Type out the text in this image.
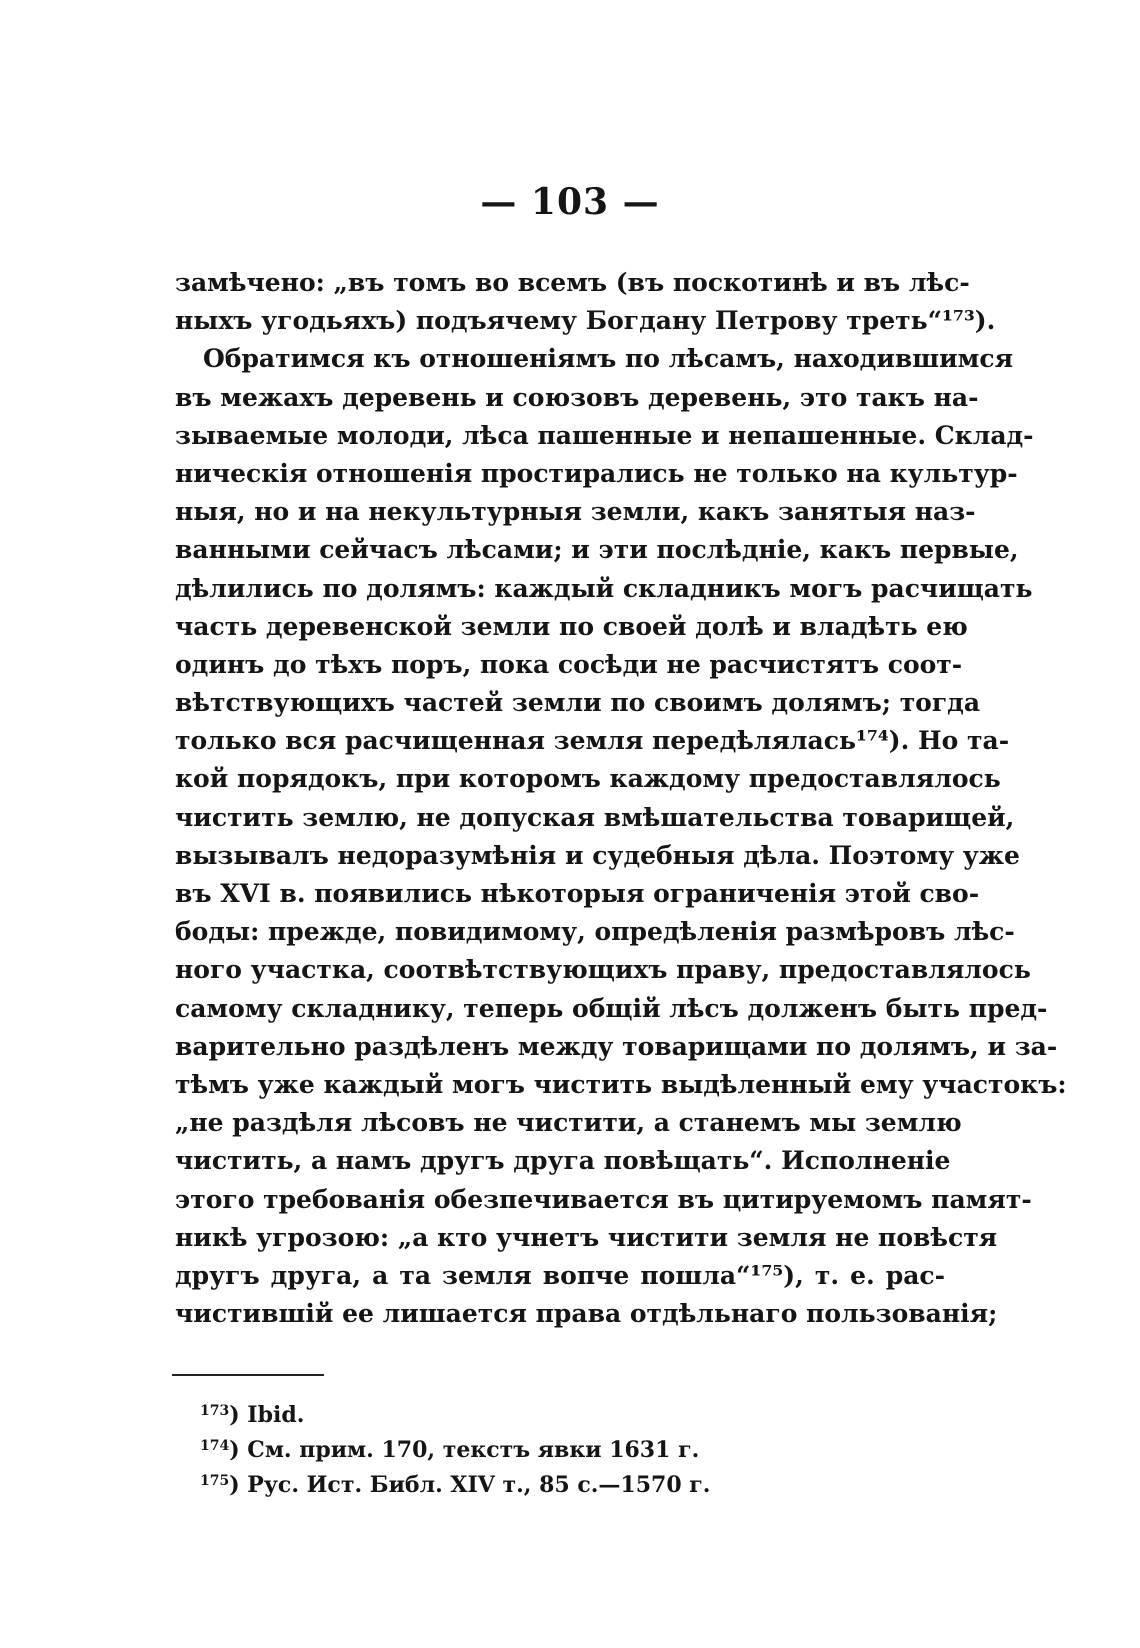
— 103 —
замѣчено: „въ томъ во всемъ (въ поскотинѣ и въ лѣс-
ныхъ угодьяхъ) подъячему Богдану Петрову треть“¹⁷³).
Обратимся къ отношеніямъ по лѣсамъ, находившимся
въ межахъ деревень и союзовъ деревень, это такъ на-
зываемые молоди, лѣса пашенные и непашенные. Склад-
ническія отношенія простирались не только на культур-
ныя, но и на некультурныя земли, какъ занятыя наз-
ванными сейчасъ лѣсами; и эти послѣдніе, какъ первые,
дѣлились по долямъ: каждый складникъ могъ расчищать
часть деревенской земли по своей долѣ и владѣть ею
одинъ до тѣхъ поръ, пока сосѣди не расчистятъ соот-
вѣтствующихъ частей земли по своимъ долямъ; тогда
только вся расчищенная земля передѣлялась¹⁷⁴). Но та-
кой порядокъ, при которомъ каждому предоставлялось
чистить землю, не допуская вмѣшательства товарищей,
вызывалъ недоразумѣнія и судебныя дѣла. Поэтому уже
въ XVI в. появились нѣкоторыя ограниченія этой сво-
боды: прежде, повидимому, опредѣленія размѣровъ лѣс-
ного участка, соотвѣтствующихъ праву, предоставлялось
самому складнику, теперь общій лѣсъ долженъ быть пред-
варительно раздѣленъ между товарищами по долямъ, и за-
тѣмъ уже каждый могъ чистить выдѣленный ему участокъ:
„не раздѣля лѣсовъ не чистити, а станемъ мы землю
чистить, а намъ другъ друга повѣщать“. Исполненіе
этого требованія обезпечивается въ цитируемомъ памят-
никѣ угрозою: „а кто учнетъ чистити земля не повѣстя
другъ друга, а та земля вопче пошла“¹⁷⁵), т. е. рас-
чистившій ее лишается права отдѣльнаго пользованія;
$^{173}$) Ibid.
$^{174}$) См. прим. 170, текстъ явки 1631 г.
$^{175}$) Рус. Ист. Библ. XIV т., 85 с.—1570 г.
